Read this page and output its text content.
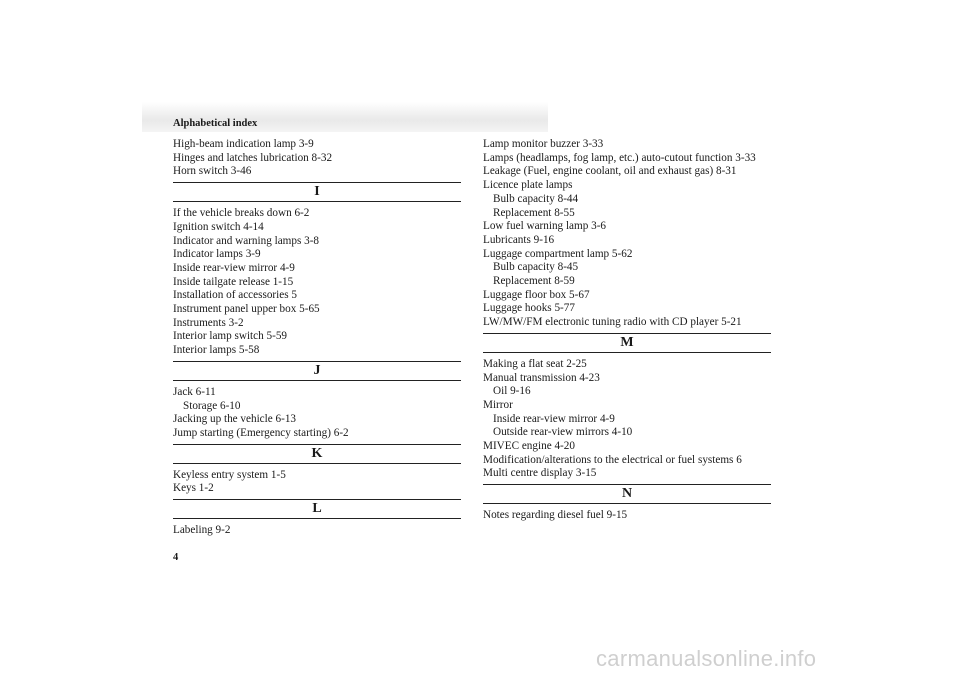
Alphabetical index
High-beam indication lamp 3-9
Hinges and latches lubrication 8-32
Horn switch 3-46
I
If the vehicle breaks down 6-2
Ignition switch 4-14
Indicator and warning lamps 3-8
Indicator lamps 3-9
Inside rear-view mirror 4-9
Inside tailgate release 1-15
Installation of accessories 5
Instrument panel upper box 5-65
Instruments 3-2
Interior lamp switch 5-59
Interior lamps 5-58
J
Jack 6-11
Storage 6-10
Jacking up the vehicle 6-13
Jump starting (Emergency starting) 6-2
K
Keyless entry system 1-5
Keys 1-2
L
Labeling 9-2
Lamp monitor buzzer 3-33
Lamps (headlamps, fog lamp, etc.) auto-cutout function 3-33
Leakage (Fuel, engine coolant, oil and exhaust gas) 8-31
Licence plate lamps
Bulb capacity 8-44
Replacement 8-55
Low fuel warning lamp 3-6
Lubricants 9-16
Luggage compartment lamp 5-62
Bulb capacity 8-45
Replacement 8-59
Luggage floor box 5-67
Luggage hooks 5-77
LW/MW/FM electronic tuning radio with CD player 5-21
M
Making a flat seat 2-25
Manual transmission 4-23
Oil 9-16
Mirror
Inside rear-view mirror 4-9
Outside rear-view mirrors 4-10
MIVEC engine 4-20
Modification/alterations to the electrical or fuel systems 6
Multi centre display 3-15
N
Notes regarding diesel fuel 9-15
4
carmanualsonline.info
